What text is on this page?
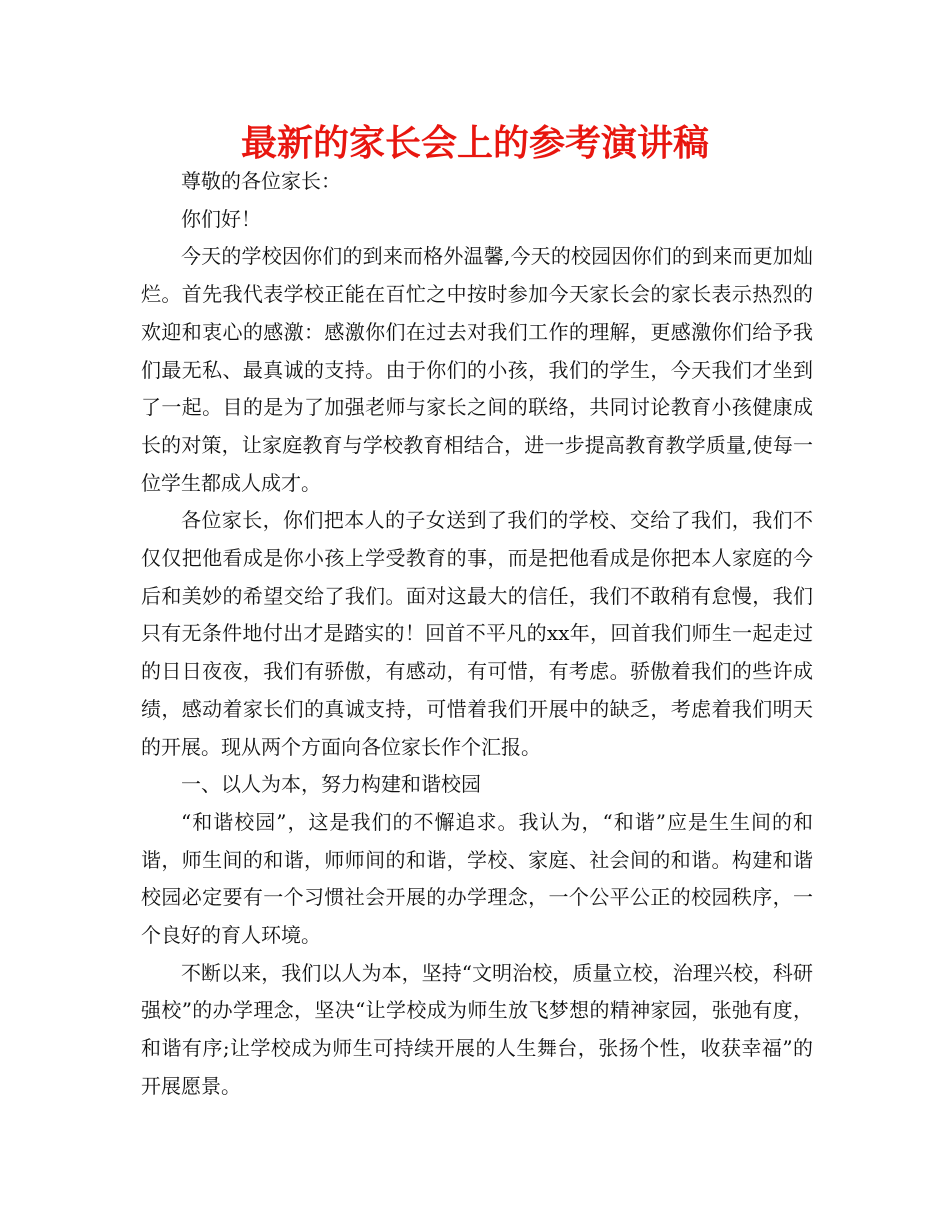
最新的家长会上的参考演讲稿

尊敬的各位家长：

你们好！

今天的学校因你们的到来而格外温馨,今天的校园因你们的到来而更加灿烂。首先我代表学校正能在百忙之中按时参加今天家长会的家长表示热烈的欢迎和衷心的感激：感激你们在过去对我们工作的理解，更感激你们给予我们最无私、最真诚的支持。由于你们的小孩，我们的学生，今天我们才坐到了一起。目的是为了加强老师与家长之间的联络，共同讨论教育小孩健康成长的对策，让家庭教育与学校教育相结合，进一步提高教育教学质量,使每一位学生都成人成才。

各位家长，你们把本人的子女送到了我们的学校、交给了我们，我们不仅仅把他看成是你小孩上学受教育的事，而是把他看成是你把本人家庭的今后和美妙的希望交给了我们。面对这最大的信任，我们不敢稍有怠慢，我们只有无条件地付出才是踏实的！回首不平凡的xx年，回首我们师生一起走过的日日夜夜，我们有骄傲，有感动，有可惜，有考虑。骄傲着我们的些许成绩，感动着家长们的真诚支持，可惜着我们开展中的缺乏，考虑着我们明天的开展。现从两个方面向各位家长作个汇报。

一、以人为本，努力构建和谐校园

“和谐校园”，这是我们的不懈追求。我认为，“和谐”应是生生间的和谐，师生间的和谐，师师间的和谐，学校、家庭、社会间的和谐。构建和谐校园必定要有一个习惯社会开展的办学理念，一个公平公正的校园秩序，一个良好的育人环境。

不断以来，我们以人为本，坚持“文明治校，质量立校，治理兴校，科研强校”的办学理念，坚决“让学校成为师生放飞梦想的精神家园，张弛有度，和谐有序;让学校成为师生可持续开展的人生舞台，张扬个性，收获幸福”的开展愿景。
